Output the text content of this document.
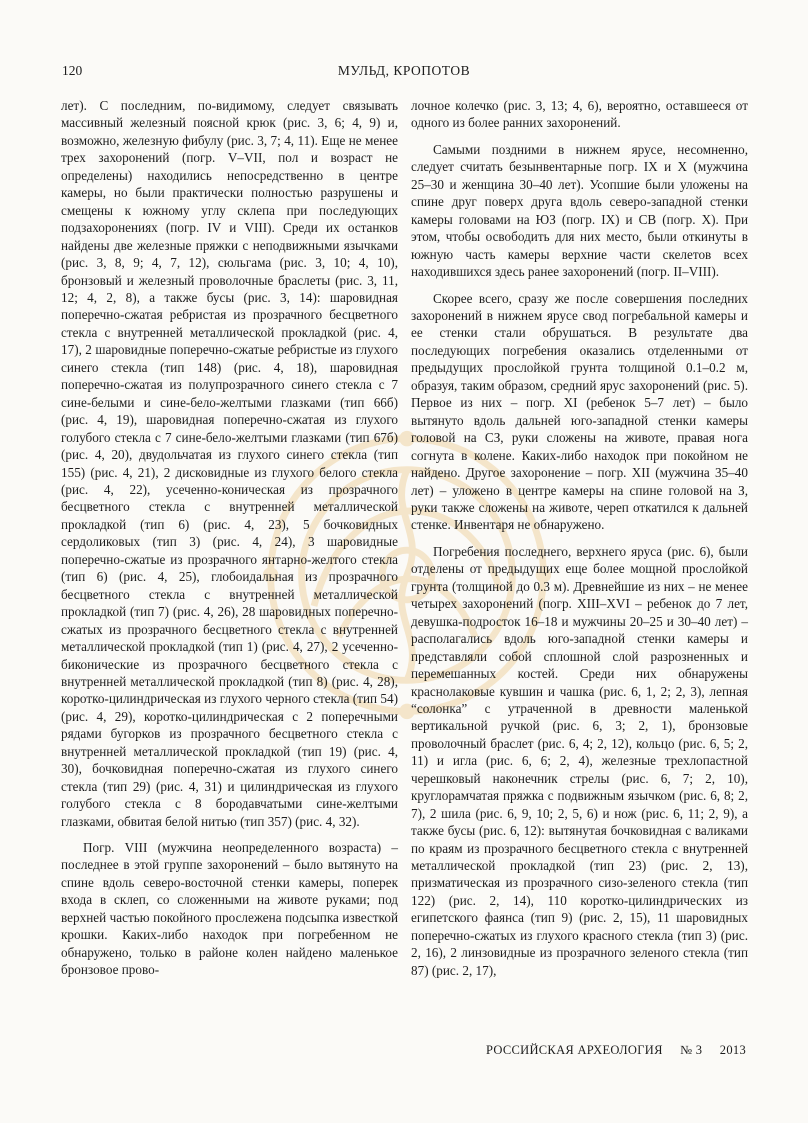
120	МУЛЬД, КРОПОТОВ

лет). С последним, по-видимому, следует связывать массивный железный поясной крюк (рис. 3, 6; 4, 9) и, возможно, железную фибулу (рис. 3, 7; 4, 11). Еще не менее трех захоронений (погр. V–VII, пол и возраст не определены) находились непосредственно в центре камеры, но были практически полностью разрушены и смещены к южному углу склепа при последующих подзахоронениях (погр. IV и VIII). Среди их останков найдены две железные пряжки с неподвижными язычками (рис. 3, 8, 9; 4, 7, 12), сюльгама (рис. 3, 10; 4, 10), бронзовый и железный проволочные браслеты (рис. 3, 11, 12; 4, 2, 8), а также бусы (рис. 3, 14): шаровидная поперечно-сжатая ребристая из прозрачного бесцветного стекла с внутренней металлической прокладкой (рис. 4, 17), 2 шаровидные поперечно-сжатые ребристые из глухого синего стекла (тип 148) (рис. 4, 18), шаровидная поперечно-сжатая из полупрозрачного синего стекла с 7 сине-белыми и сине-бело-желтыми глазками (тип 66б) (рис. 4, 19), шаровидная поперечно-сжатая из глухого голубого стекла с 7 сине-бело-желтыми глазками (тип 67б) (рис. 4, 20), двудольчатая из глухого синего стекла (тип 155) (рис. 4, 21), 2 дисковидные из глухого белого стекла (рис. 4, 22), усеченно-коническая из прозрачного бесцветного стекла с внутренней металлической прокладкой (тип 6) (рис. 4, 23), 5 бочковидных сердоликовых (тип 3) (рис. 4, 24), 3 шаровидные поперечно-сжатые из прозрачного янтарно-желтого стекла (тип 6) (рис. 4, 25), глобоидальная из прозрачного бесцветного стекла с внутренней металлической прокладкой (тип 7) (рис. 4, 26), 28 шаровидных поперечно-сжатых из прозрачного бесцветного стекла с внутренней металлической прокладкой (тип 1) (рис. 4, 27), 2 усеченно-биконические из прозрачного бесцветного стекла с внутренней металлической прокладкой (тип 8) (рис. 4, 28), коротко-цилиндрическая из глухого черного стекла (тип 54) (рис. 4, 29), коротко-цилиндрическая с 2 поперечными рядами бугорков из прозрачного бесцветного стекла с внутренней металлической прокладкой (тип 19) (рис. 4, 30), бочковидная поперечно-сжатая из глухого синего стекла (тип 29) (рис. 4, 31) и цилиндрическая из глухого голубого стекла с 8 бородавчатыми сине-желтыми глазками, обвитая белой нитью (тип 357) (рис. 4, 32).

Погр. VIII (мужчина неопределенного возраста) – последнее в этой группе захоронений – было вытянуто на спине вдоль северо-восточной стенки камеры, поперек входа в склеп, со сложенными на животе руками; под верхней частью покойного прослежена подсыпка известкой крошки. Каких-либо находок при погребенном не обнаружено, только в районе колен найдено маленькое бронзовое прово-

лочное колечко (рис. 3, 13; 4, 6), вероятно, оставшееся от одного из более ранних захоронений.

Самыми поздними в нижнем ярусе, несомненно, следует считать безынвентарные погр. IX и X (мужчина 25–30 и женщина 30–40 лет). Усопшие были уложены на спине друг поверх друга вдоль северо-западной стенки камеры головами на ЮЗ (погр. IX) и СВ (погр. X). При этом, чтобы освободить для них место, были откинуты в южную часть камеры верхние части скелетов всех находившихся здесь ранее захоронений (погр. II–VIII).

Скорее всего, сразу же после совершения последних захоронений в нижнем ярусе свод погребальной камеры и ее стенки стали обрушаться. В результате два последующих погребения оказались отделенными от предыдущих прослойкой грунта толщиной 0.1–0.2 м, образуя, таким образом, средний ярус захоронений (рис. 5). Первое из них – погр. XI (ребенок 5–7 лет) – было вытянуто вдоль дальней юго-западной стенки камеры головой на СЗ, руки сложены на животе, правая нога согнута в колене. Каких-либо находок при покойном не найдено. Другое захоронение – погр. XII (мужчина 35–40 лет) – уложено в центре камеры на спине головой на З, руки также сложены на животе, череп откатился к дальней стенке. Инвентаря не обнаружено.

Погребения последнего, верхнего яруса (рис. 6), были отделены от предыдущих еще более мощной прослойкой грунта (толщиной до 0.3 м). Древнейшие из них – не менее четырех захоронений (погр. XIII–XVI – ребенок до 7 лет, девушка-подросток 16–18 и мужчины 20–25 и 30–40 лет) – располагались вдоль юго-западной стенки камеры и представляли собой сплошной слой разрозненных и перемешанных костей. Среди них обнаружены краснолаковые кувшин и чашка (рис. 6, 1, 2; 2, 3), лепная “солонка” с утраченной в древности маленькой вертикальной ручкой (рис. 6, 3; 2, 1), бронзовые проволочный браслет (рис. 6, 4; 2, 12), кольцо (рис. 6, 5; 2, 11) и игла (рис. 6, 6; 2, 4), железные трехлопастной черешковый наконечник стрелы (рис. 6, 7; 2, 10), круглорамчатая пряжка с подвижным язычком (рис. 6, 8; 2, 7), 2 шила (рис. 6, 9, 10; 2, 5, 6) и нож (рис. 6, 11; 2, 9), а также бусы (рис. 6, 12): вытянутая бочковидная с валиками по краям из прозрачного бесцветного стекла с внутренней металлической прокладкой (тип 23) (рис. 2, 13), призматическая из прозрачного сизо-зеленого стекла (тип 122) (рис. 2, 14), 110 коротко-цилиндрических из египетского фаянса (тип 9) (рис. 2, 15), 11 шаровидных поперечно-сжатых из глухого красного стекла (тип 3) (рис. 2, 16), 2 линзовидные из прозрачного зеленого стекла (тип 87) (рис. 2, 17),

РОССИЙСКАЯ АРХЕОЛОГИЯ № 3 2013
